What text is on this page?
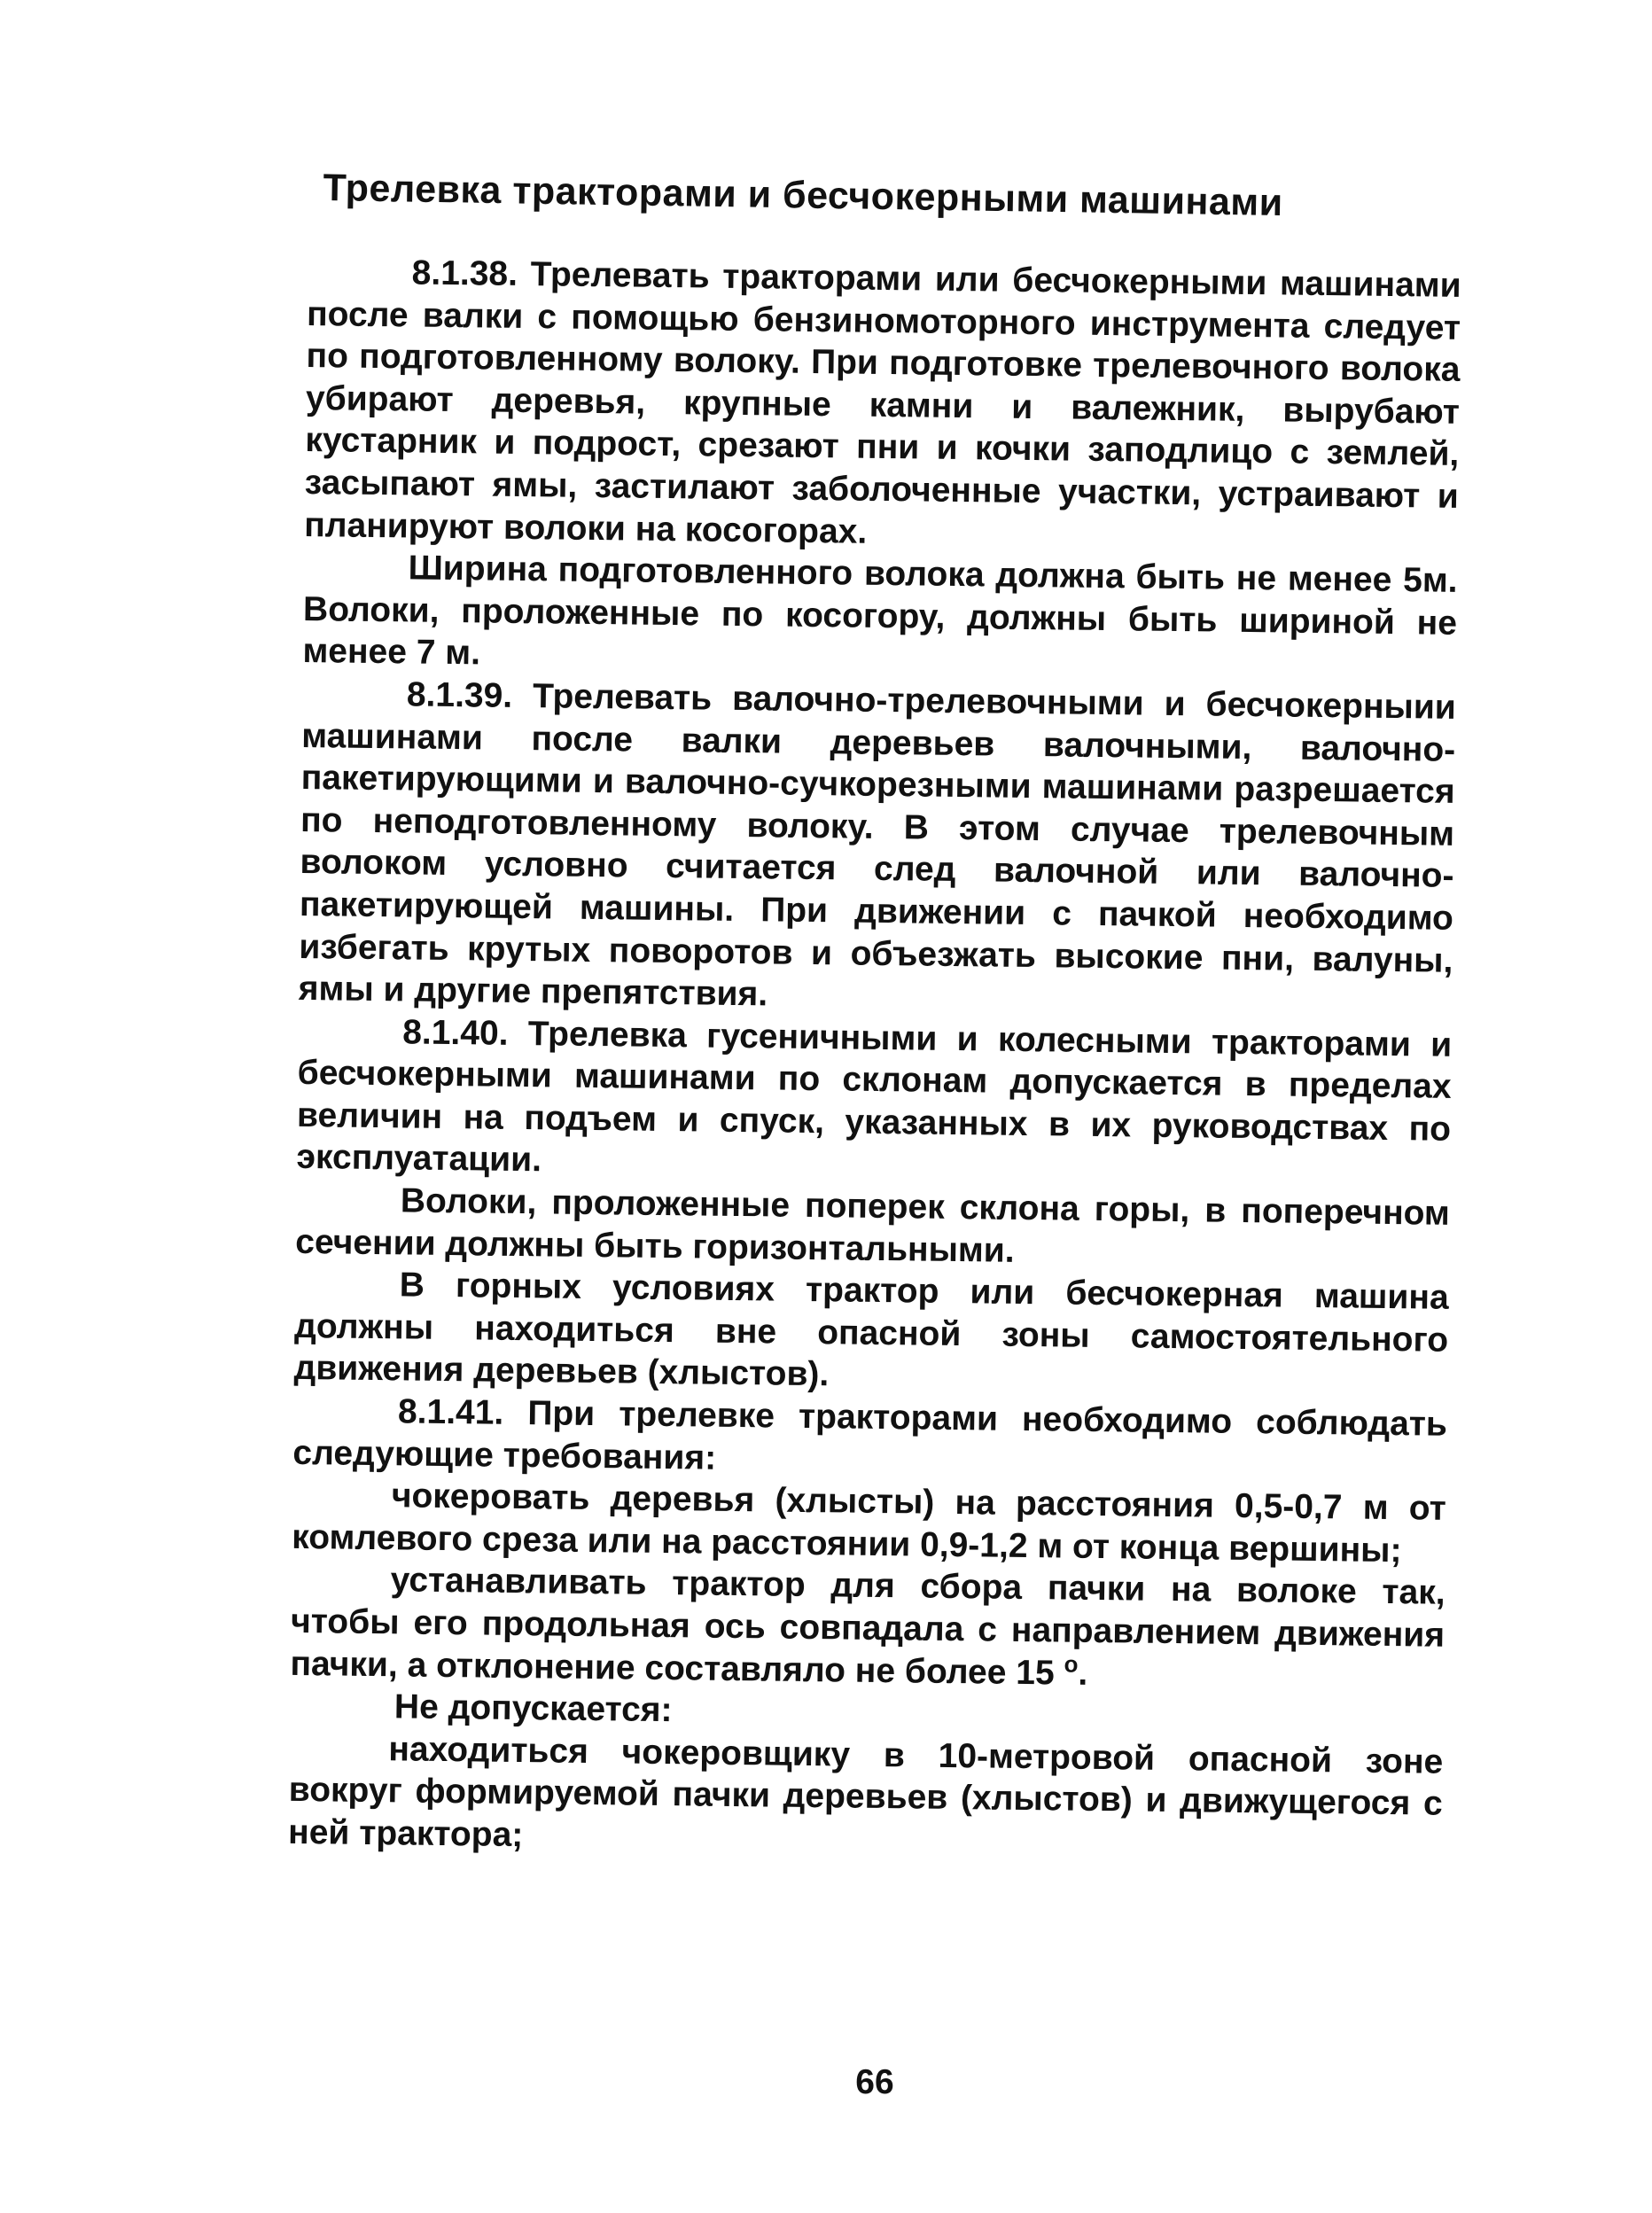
Трелевка тракторами и бесчокерными машинами

8.1.38. Трелевать тракторами или бесчокерными машинами после валки с помощью бензиномоторного инструмента следует по подготовленному волоку. При подготовке трелевочного волока убирают деревья, крупные камни и валежник, вырубают кустарник и подрост, срезают пни и кочки заподлицо с землей, засыпают ямы, застилают заболоченные участки, устраивают и планируют волоки на косогорах.

Ширина подготовленного волока должна быть не менее 5м. Волоки, проложенные по косогору, должны быть шириной не менее 7 м.

8.1.39. Трелевать валочно-трелевочными и бесчокерныии машинами после валки деревьев валочными, валочно-пакетирующими и валочно-сучкорезными машинами разрешается по неподготовленному волоку. В этом случае трелевочным волоком условно считается след валочной или валочно-пакетирующей машины. При движении с пачкой необходимо избегать крутых поворотов и объезжать высокие пни, валуны, ямы и другие препятствия.

8.1.40. Трелевка гусеничными и колесными тракторами и бесчокерными машинами по склонам допускается в пределах величин на подъем и спуск, указанных в их руководствах по эксплуатации.

Волоки, проложенные поперек склона горы, в поперечном сечении должны быть горизонтальными.

В горных условиях трактор или бесчокерная машина должны находиться вне опасной зоны самостоятельного движения деревьев (хлыстов).

8.1.41. При трелевке тракторами необходимо соблюдать следующие требования:

чокеровать деревья (хлысты) на расстояния 0,5-0,7 м от комлевого среза или на расстоянии 0,9-1,2 м от конца вершины;

устанавливать трактор для сбора пачки на волоке так, чтобы его продольная ось совпадала с направлением движения пачки, а отклонение составляло не более 15 $^о$.

Не допускается:

находиться чокеровщику в 10-метровой опасной зоне вокруг формируемой пачки деревьев (хлыстов) и движущегося с ней трактора;

66
